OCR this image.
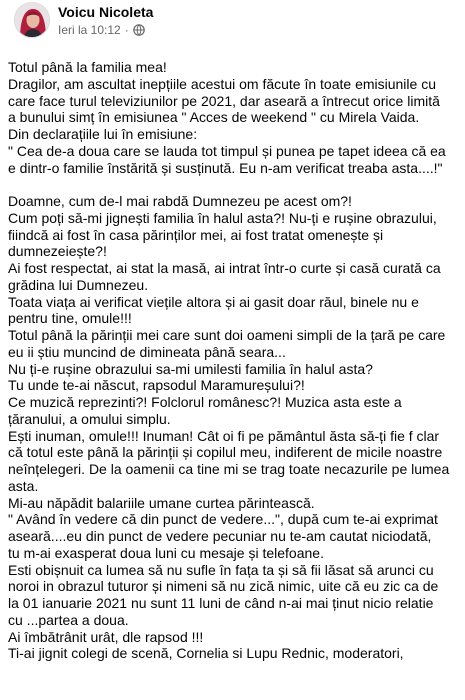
Voicu Nicoleta
Ieri la 10:12 ·
Totul până la familia mea!
Dragilor, am ascultat inepțiile acestui om făcute în toate emisiunile cu
care face turul televiziunilor pe 2021, dar aseară a întrecut orice limită
a bunului simț în emisiunea " Acces de weekend " cu Mirela Vaida.
Din declarațiile lui în emisiune:
" Cea de-a doua care se lauda tot timpul și punea pe tapet ideea că ea
e dintr-o familie înstărită și susținută. Eu n-am verificat treaba asta....!"
Doamne, cum de-l mai rabdă Dumnezeu pe acest om?!
Cum poți să-mi jignești familia în halul asta?! Nu-ți e rușine obrazului,
fiindcă ai fost în casa părinților mei, ai fost tratat omenește și
dumnezeiește?!
Ai fost respectat, ai stat la masă, ai intrat într-o curte și casă curată ca
grădina lui Dumnezeu.
Toata viața ai verificat viețile altora și ai gasit doar răul, binele nu e
pentru tine, omule!!!
Totul până la părinții mei care sunt doi oameni simpli de la țară pe care
eu ii știu muncind de dimineata până seara...
Nu ți-e rușine obrazului sa-mi umilesti familia în halul asta?
Tu unde te-ai născut, rapsodul Maramureșului?!
Ce muzică reprezinti?! Folclorul românesc?! Muzica asta este a
țăranului, a omului simplu.
Ești inuman, omule!!! Inuman! Cât oi fi pe pământul ăsta să-ți fie f clar
că totul este până la părinții și copilul meu, indiferent de micile noastre
neînțelegeri. De la oamenii ca tine mi se trag toate necazurile pe lumea
asta.
Mi-au năpădit balariile umane curtea părintească.
" Având în vedere că din punct de vedere...", după cum te-ai exprimat
aseară....eu din punct de vedere pecuniar nu te-am cautat niciodată,
tu m-ai exasperat doua luni cu mesaje și telefoane.
Esti obișnuit ca lumea să nu sufle în fața ta și să fii lăsat să arunci cu
noroi in obrazul tuturor și nimeni să nu zică nimic, uite că eu zic ca de
la 01 ianuarie 2021 nu sunt 11 luni de când n-ai mai ținut nicio relatie
cu ...partea a doua.
Ai îmbătrânit urât, dle rapsod !!!
Ti-ai jignit colegi de scenă, Cornelia si Lupu Rednic, moderatori,
